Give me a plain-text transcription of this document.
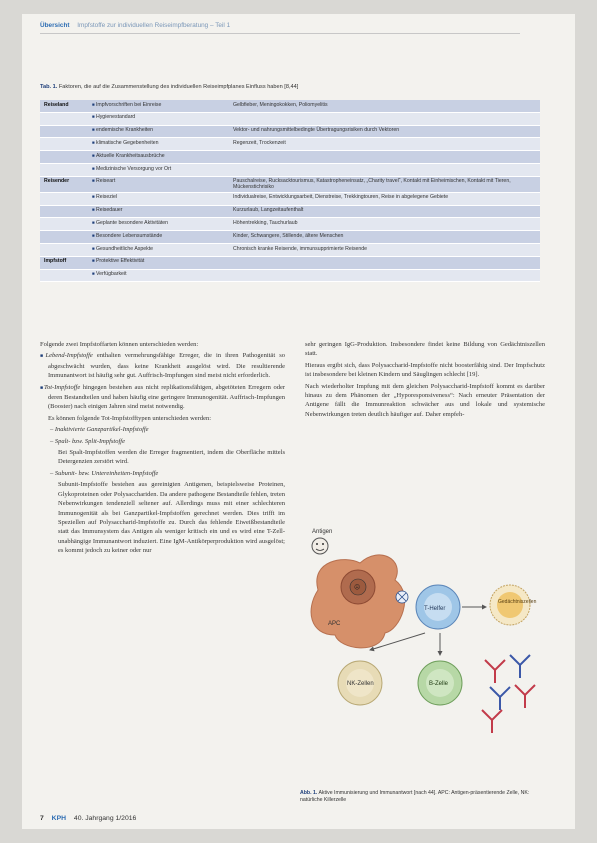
Übersicht Impfstoffe zur individuellen Reiseimpfberatung – Teil 1
Tab. 1. Faktoren, die auf die Zusammenstellung des individuellen Reiseimpfplanes Einfluss haben [8,44]
Reiseland	■ Impfvorschriften bei Einreise	Gelbfieber, Meningokokken, Poliomyelitis
	■ Hygienestandard	
	■ endemische Krankheiten	Vektor- und nahrungsmittelbedingte Übertragungsrisiken durch Vektoren
	■ klimatische Gegebenheiten	Regenzeit, Trockenzeit
	■ Aktuelle Krankheitsausbrüche	
	■ Medizinische Versorgung vor Ort	
Reisender	■ Reiseart	Pauschalreise, Rucksacktourismus, Katastropheneinsatz, „Charity travel“, Kontakt mit Einheimischen, Kontakt mit Tieren, Mückenstichrisiko
	■ Reiseziel	Individualreise, Entwicklungsarbeit, Dienstreise, Trekkingtouren, Reise in abgelegene Gebiete
	■ Reisedauer	Kurzurlaub, Langzeitaufenthalt
	■ Geplante besondere Aktivitäten	Höhentrekking, Tauchurlaub
	■ Besondere Lebensumstände	Kinder, Schwangere, Stillende, ältere Menschen
	■ Gesundheitliche Aspekte	Chronisch kranke Reisende, immunsupprimierte Reisende
Impfstoff	■ Protektive Effektivität	
	■ Verfügbarkeit	

Folgende zwei Impfstoffarten können unterschieden werden:

■ Lebend-Impfstoffe enthalten vermehrungsfähige Erreger, die in ihren Pathogenität so abgeschwächt wurden, dass keine Krankheit ausgelöst wird. Die resultierende Immunantwort ist häufig sehr gut. Auffrisch-Impfungen sind meist nicht erforderlich.

■ Tot-Impfstoffe hingegen bestehen aus nicht replikationsfähigen, abgetöteten Erregern oder deren Bestandteilen und haben häufig eine geringere Immunogenität. Auffrisch-Impfungen (Booster) nach einigen Jahren sind meist notwendig.

Es können folgende Tot-Impfstofftypen unterschieden werden:

– Inaktivierte Ganzpartikel-Impfstoffe

– Spalt- bzw. Split-Impfstoffe

Bei Spalt-Impfstoffen werden die Erreger fragmentiert, indem die Oberfläche mittels Detergenzien zerstört wird.

– Subunit- bzw. Untereinheiten-Impfstoffe

Subunit-Impfstoffe bestehen aus gereinigten Antigenen, beispielsweise Proteinen, Glykoproteinen oder Polysacchariden. Da andere pathogene Bestandteile fehlen, treten Nebenwirkungen tendenziell seltener auf. Allerdings muss mit einer schlechteren Immunogenität als bei Ganzpartikel-Impfstoffen gerechnet werden. Dies trifft im Speziellen auf Polysaccharid-Impfstoffe zu. Durch das fehlende Eiweißbestandteile statt das Immunsystem das Antigen als weniger kritisch ein und es wird eine T-Zell-unabhängige Immunantwort induziert. Eine IgM-Antikörperproduktion wird ausgelöst; es kommt jedoch zu keiner oder nur

sehr geringen IgG-Produktion. Insbesondere findet keine Bildung von Gedächtniszellen statt.

Hieraus ergibt sich, dass Polysaccharid-Impfstoffe nicht boosterfähig sind. Der Impfschutz ist insbesondere bei kleinen Kindern und Säuglingen schlecht [19].

Nach wiederholter Impfung mit dem gleichen Polysaccharid-Impfstoff kommt es darüber hinaus zu dem Phänomen der „Hyporesponsiveness“: Nach erneuter Präsentation der Antigene fällt die Immunreaktion schwächer aus und lokale und systemische Nebenwirkungen treten deutlich häufiger auf. Daher empfeh-

Antigen
☹
APC
T-Helfer
Gedächtniszellen
NK-Zellen	B-Zelle
Abb. 1. Aktive Immunisierung und Immunantwort [nach 44]. APC: Antigen-präsentierende Zelle, NK: natürliche Killerzelle
7 KPH 40. Jahrgang 1/2016
